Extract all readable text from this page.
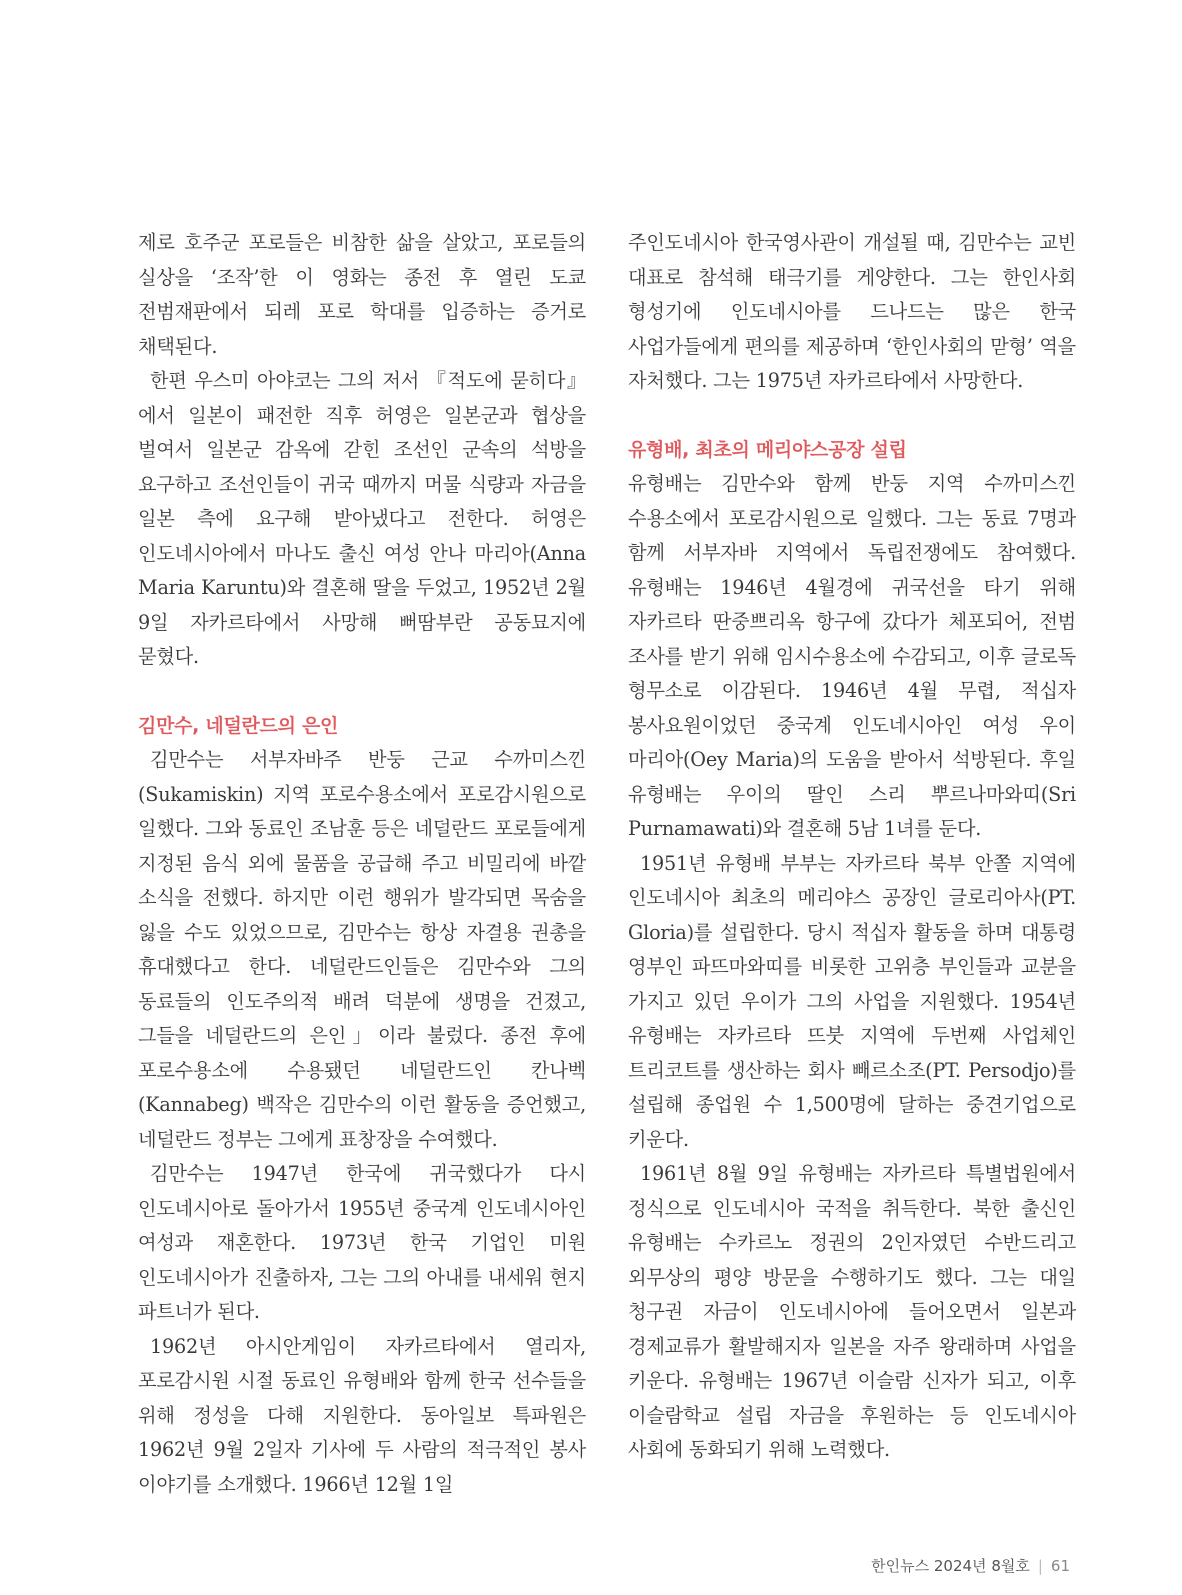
제로 호주군 포로들은 비참한 삶을 살았고, 포로들의 실상을 ‘조작’한 이 영화는 종전 후 열린 도쿄 전범재판에서 되레 포로 학대를 입증하는 증거로 채택된다.

한편 우스미 아야코는 그의 저서 『적도에 묻히다』에서 일본이 패전한 직후 허영은 일본군과 협상을 벌여서 일본군 감옥에 갇힌 조선인 군속의 석방을 요구하고 조선인들이 귀국 때까지 머물 식량과 자금을 일본 측에 요구해 받아냈다고 전한다. 허영은 인도네시아에서 마나도 출신 여성 안나 마리아(Anna Maria Karuntu)와 결혼해 딸을 두었고, 1952년 2월 9일 자카르타에서 사망해 뻐땀부란 공동묘지에 묻혔다.

김만수, 네덜란드의 은인

김만수는 서부자바주 반둥 근교 수까미스낀(Sukamiskin) 지역 포로수용소에서 포로감시원으로 일했다. 그와 동료인 조남훈 등은 네덜란드 포로들에게 지정된 음식 외에 물품을 공급해 주고 비밀리에 바깥 소식을 전했다. 하지만 이런 행위가 발각되면 목숨을 잃을 수도 있었으므로, 김만수는 항상 자결용 권총을 휴대했다고 한다. 네덜란드인들은 김만수와 그의 동료들의 인도주의적 배려 덕분에 생명을 건졌고, 그들을 네덜란드의 은인」이라 불렀다. 종전 후에 포로수용소에 수용됐던 네덜란드인 칸나벡(Kannabeg) 백작은 김만수의 이런 활동을 증언했고, 네덜란드 정부는 그에게 표창장을 수여했다.

김만수는 1947년 한국에 귀국했다가 다시 인도네시아로 돌아가서 1955년 중국계 인도네시아인 여성과 재혼한다. 1973년 한국 기업인 미원 인도네시아가 진출하자, 그는 그의 아내를 내세워 현지 파트너가 된다.

1962년 아시안게임이 자카르타에서 열리자, 포로감시원 시절 동료인 유형배와 함께 한국 선수들을 위해 정성을 다해 지원한다. 동아일보 특파원은 1962년 9월 2일자 기사에 두 사람의 적극적인 봉사 이야기를 소개했다. 1966년 12월 1일

주인도네시아 한국영사관이 개설될 때, 김만수는 교빈 대표로 참석해 태극기를 게양한다. 그는 한인사회 형성기에 인도네시아를 드나드는 많은 한국 사업가들에게 편의를 제공하며 ‘한인사회의 맏형’ 역을 자처했다. 그는 1975년 자카르타에서 사망한다.

유형배, 최초의 메리야스공장 설립

유형배는 김만수와 함께 반둥 지역 수까미스낀 수용소에서 포로감시원으로 일했다. 그는 동료 7명과 함께 서부자바 지역에서 독립전쟁에도 참여했다. 유형배는 1946년 4월경에 귀국선을 타기 위해 자카르타 딴중쁘리옥 항구에 갔다가 체포되어, 전범 조사를 받기 위해 임시수용소에 수감되고, 이후 글로독 형무소로 이감된다. 1946년 4월 무렵, 적십자 봉사요원이었던 중국계 인도네시아인 여성 우이 마리아(Oey Maria)의 도움을 받아서 석방된다. 후일 유형배는 우이의 딸인 스리 뿌르나마와띠(Sri Purnamawati)와 결혼해 5남 1녀를 둔다.

1951년 유형배 부부는 자카르타 북부 안쫄 지역에 인도네시아 최초의 메리야스 공장인 글로리아사(PT. Gloria)를 설립한다. 당시 적십자 활동을 하며 대통령 영부인 파뜨마와띠를 비롯한 고위층 부인들과 교분을 가지고 있던 우이가 그의 사업을 지원했다. 1954년 유형배는 자카르타 뜨붓 지역에 두번째 사업체인 트리코트를 생산하는 회사 빼르소조(PT. Persodjo)를 설립해 종업원 수 1,500명에 달하는 중견기업으로 키운다.

1961년 8월 9일 유형배는 자카르타 특별법원에서 정식으로 인도네시아 국적을 취득한다. 북한 출신인 유형배는 수카르노 정권의 2인자였던 수반드리고 외무상의 평양 방문을 수행하기도 했다. 그는 대일 청구권 자금이 인도네시아에 들어오면서 일본과 경제교류가 활발해지자 일본을 자주 왕래하며 사업을 키운다. 유형배는 1967년 이슬람 신자가 되고, 이후 이슬람학교 설립 자금을 후원하는 등 인도네시아 사회에 동화되기 위해 노력했다.

한인뉴스 2024년 8월호 | 61
